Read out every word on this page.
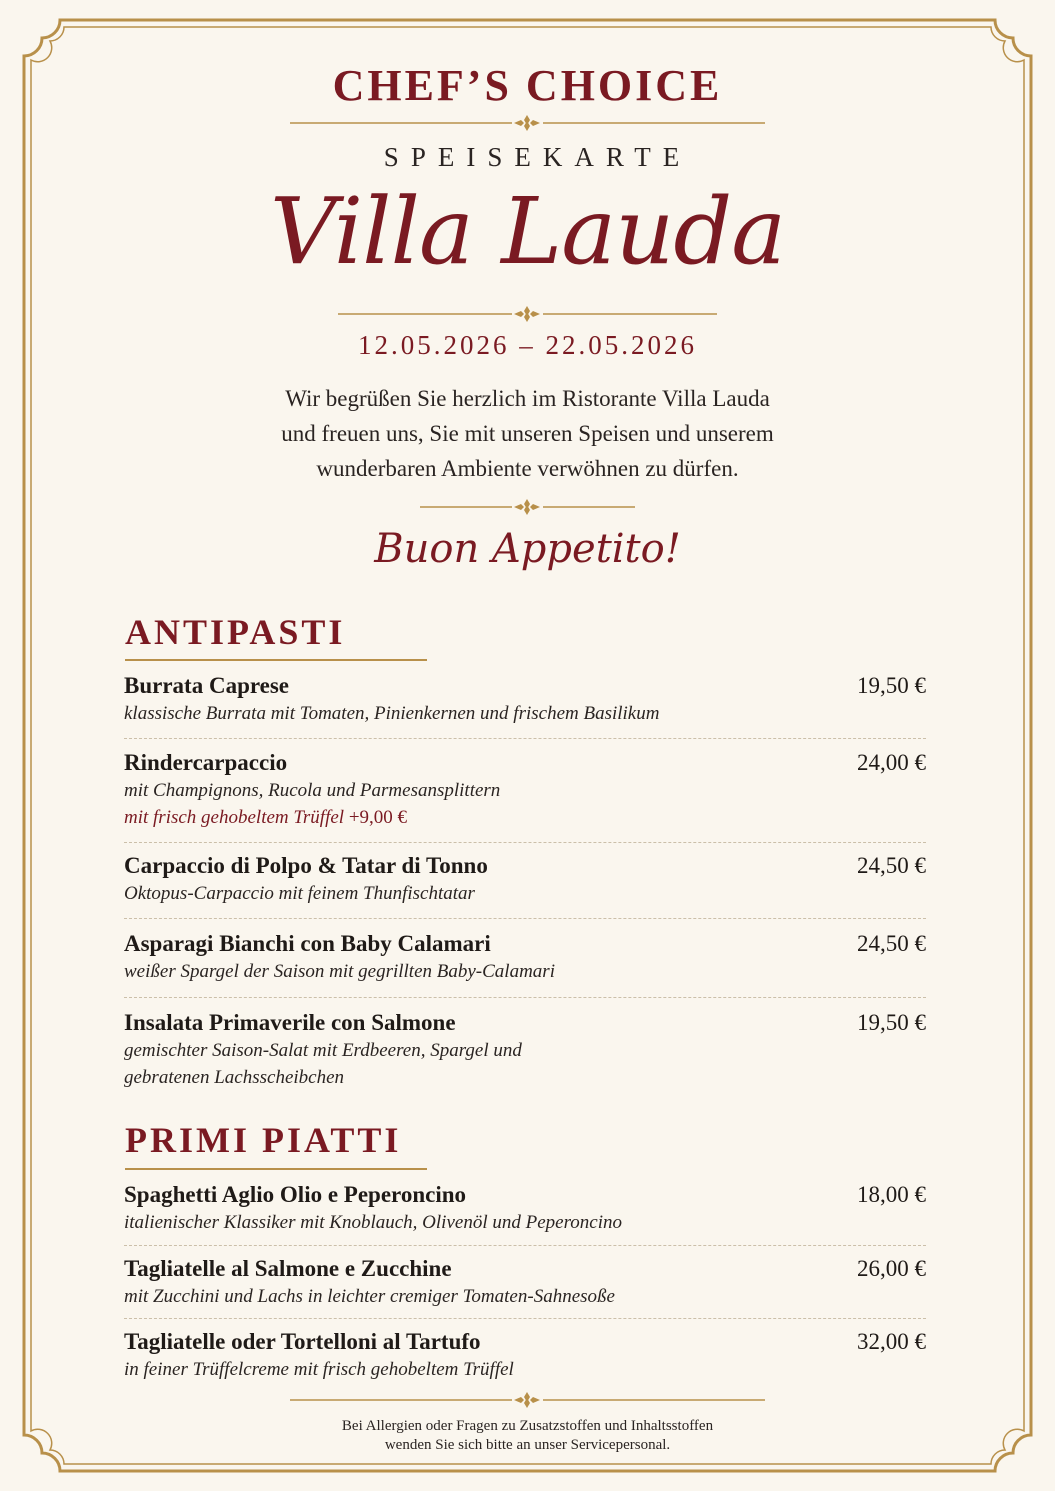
CHEF’S CHOICE
SPEISEKARTE
Villa Lauda
12.05.2026 – 22.05.2026
Wir begrüßen Sie herzlich im Ristorante Villa Lauda
und freuen uns, Sie mit unseren Speisen und unserem
wunderbaren Ambiente verwöhnen zu dürfen.
Buon Appetito!
ANTIPASTI
Burrata Caprese	19,50 €
klassische Burrata mit Tomaten, Pinienkernen und frischem Basilikum
Rindercarpaccio	24,00 €
mit Champignons, Rucola und Parmesansplittern
mit frisch gehobeltem Trüffel +9,00 €
Carpaccio di Polpo & Tatar di Tonno	24,50 €
Oktopus-Carpaccio mit feinem Thunfischtatar
Asparagi Bianchi con Baby Calamari	24,50 €
weißer Spargel der Saison mit gegrillten Baby-Calamari
Insalata Primaverile con Salmone	19,50 €
gemischter Saison-Salat mit Erdbeeren, Spargel und
gebratenen Lachsscheibchen
PRIMI PIATTI
Spaghetti Aglio Olio e Peperoncino	18,00 €
italienischer Klassiker mit Knoblauch, Olivenöl und Peperoncino
Tagliatelle al Salmone e Zucchine	26,00 €
mit Zucchini und Lachs in leichter cremiger Tomaten-Sahnesoße
Tagliatelle oder Tortelloni al Tartufo	32,00 €
in feiner Trüffelcreme mit frisch gehobeltem Trüffel
Bei Allergien oder Fragen zu Zusatzstoffen und Inhaltsstoffen
wenden Sie sich bitte an unser Servicepersonal.
